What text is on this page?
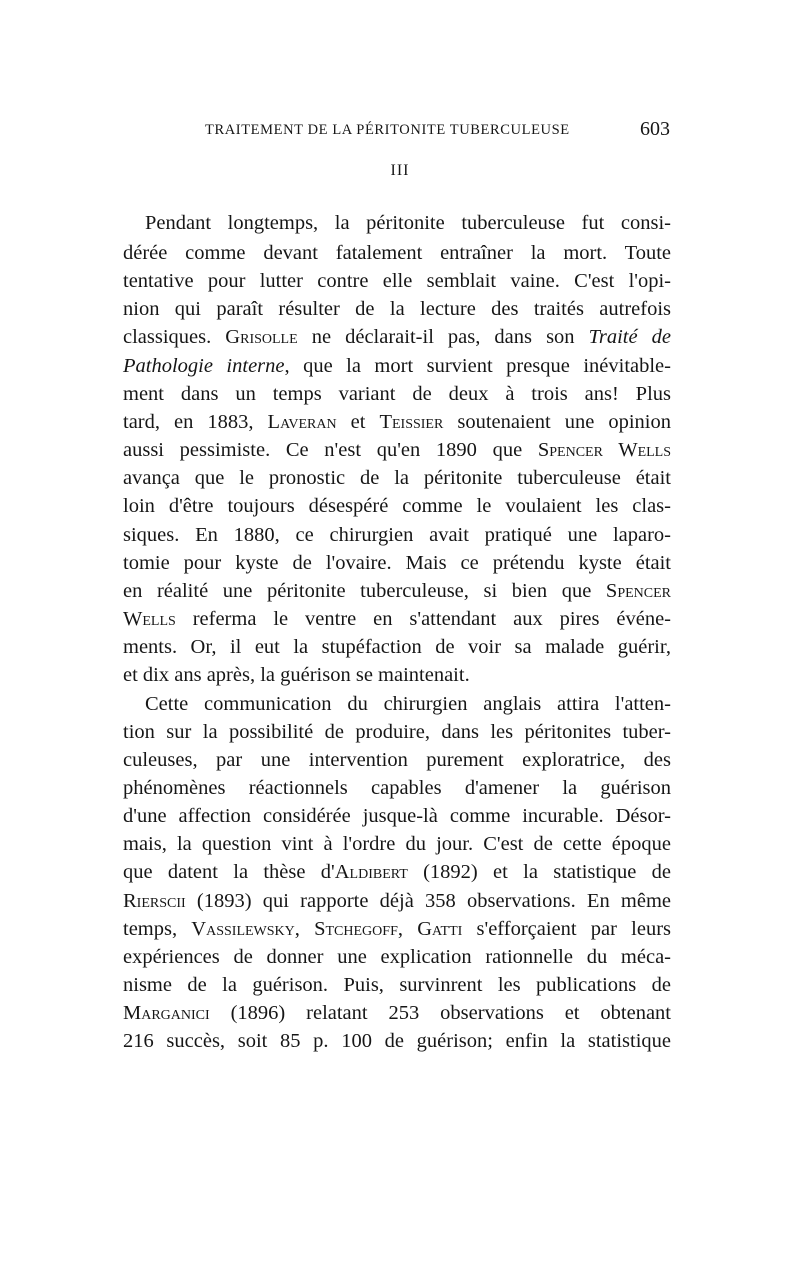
TRAITEMENT DE LA PÉRITONITE TUBERCULEUSE	603
III
Pendant longtemps, la péritonite tuberculeuse fut consi-
dérée comme devant fatalement entraîner la mort. Toute
tentative pour lutter contre elle semblait vaine. C'est l'opi-
nion qui paraît résulter de la lecture des traités autrefois
classiques. Grisolle ne déclarait-il pas, dans son Traité de
Pathologie interne, que la mort survient presque inévitable-
ment dans un temps variant de deux à trois ans! Plus
tard, en 1883, Laveran et Teissier soutenaient une opinion
aussi pessimiste. Ce n'est qu'en 1890 que Spencer Wells
avança que le pronostic de la péritonite tuberculeuse était
loin d'être toujours désespéré comme le voulaient les clas-
siques. En 1880, ce chirurgien avait pratiqué une laparo-
tomie pour kyste de l'ovaire. Mais ce prétendu kyste était
en réalité une péritonite tuberculeuse, si bien que Spencer
Wells referma le ventre en s'attendant aux pires événe-
ments. Or, il eut la stupéfaction de voir sa malade guérir,
et dix ans après, la guérison se maintenait.
Cette communication du chirurgien anglais attira l'atten-
tion sur la possibilité de produire, dans les péritonites tuber-
culeuses, par une intervention purement exploratrice, des
phénomènes réactionnels capables d'amener la guérison
d'une affection considérée jusque-là comme incurable. Désor-
mais, la question vint à l'ordre du jour. C'est de cette époque
que datent la thèse d'Aldibert (1892) et la statistique de
Rierscii (1893) qui rapporte déjà 358 observations. En même
temps, Vassilewsky, Stchegoff, Gatti s'efforçaient par leurs
expériences de donner une explication rationnelle du méca-
nisme de la guérison. Puis, survinrent les publications de
Marganici (1896) relatant 253 observations et obtenant
216 succès, soit 85 p. 100 de guérison; enfin la statistique
